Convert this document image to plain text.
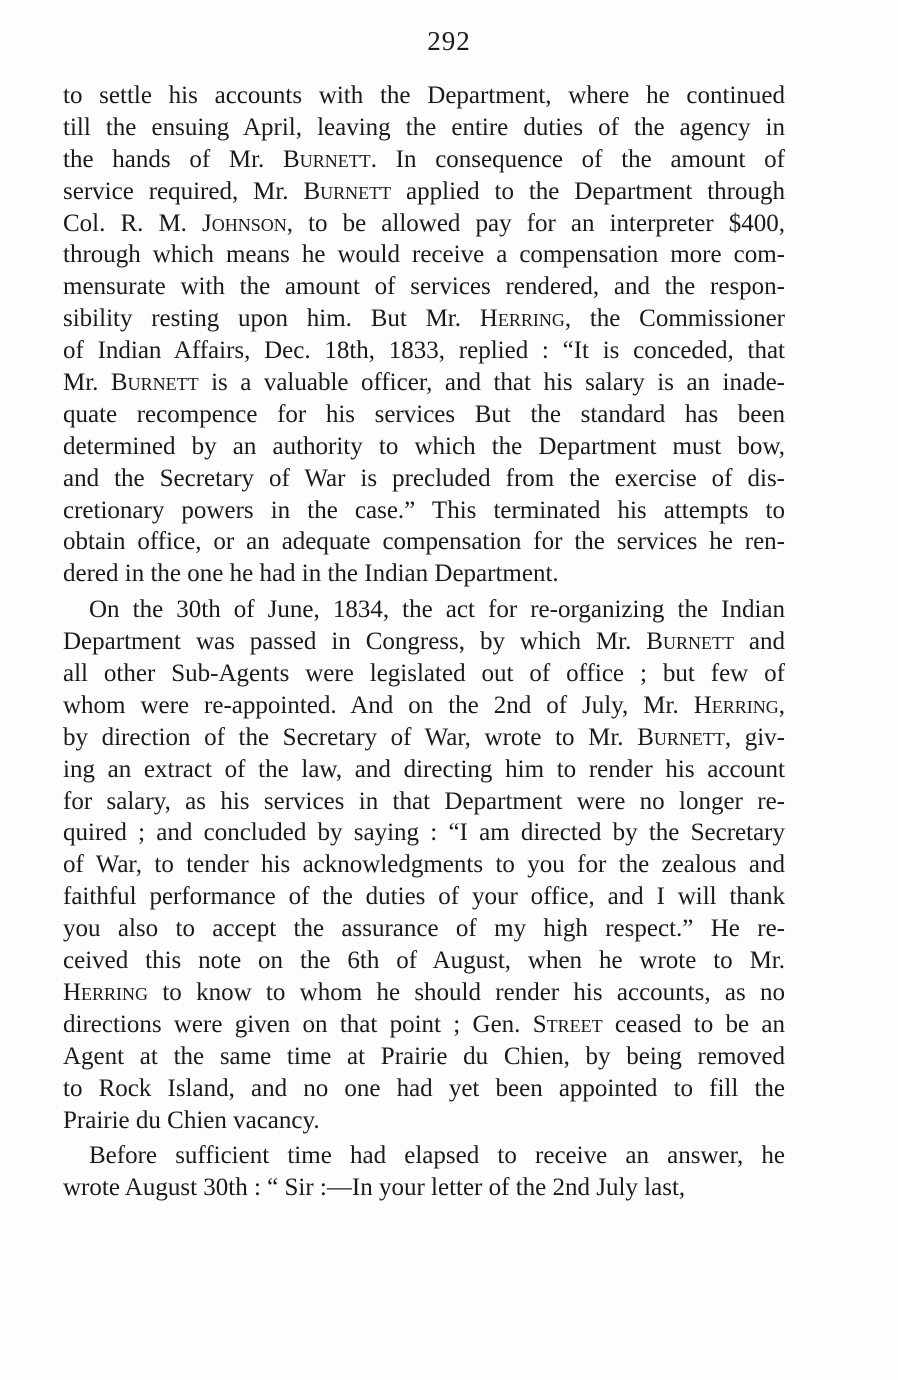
292
to settle his accounts with the Department, where he continued
till the ensuing April, leaving the entire duties of the agency in
the hands of Mr. Burnett. In consequence of the amount of
service required, Mr. Burnett applied to the Department through
Col. R. M. Johnson, to be allowed pay for an interpreter $400,
through which means he would receive a compensation more com-
mensurate with the amount of services rendered, and the respon-
sibility resting upon him. But Mr. Herring, the Commissioner
of Indian Affairs, Dec. 18th, 1833, replied : “It is conceded, that
Mr. Burnett is a valuable officer, and that his salary is an inade-
quate recompence for his services But the standard has been
determined by an authority to which the Department must bow,
and the Secretary of War is precluded from the exercise of dis-
cretionary powers in the case.” This terminated his attempts to
obtain office, or an adequate compensation for the services he ren-
dered in the one he had in the Indian Department.
On the 30th of June, 1834, the act for re-organizing the Indian
Department was passed in Congress, by which Mr. Burnett and
all other Sub-Agents were legislated out of office ; but few of
whom were re-appointed. And on the 2nd of July, Mr. Herring,
by direction of the Secretary of War, wrote to Mr. Burnett, giv-
ing an extract of the law, and directing him to render his account
for salary, as his services in that Department were no longer re-
quired ; and concluded by saying : “I am directed by the Secretary
of War, to tender his acknowledgments to you for the zealous and
faithful performance of the duties of your office, and I will thank
you also to accept the assurance of my high respect.” He re-
ceived this note on the 6th of August, when he wrote to Mr.
Herring to know to whom he should render his accounts, as no
directions were given on that point ; Gen. Street ceased to be an
Agent at the same time at Prairie du Chien, by being removed
to Rock Island, and no one had yet been appointed to fill the
Prairie du Chien vacancy.
Before sufficient time had elapsed to receive an answer, he
wrote August 30th : “ Sir :—In your letter of the 2nd July last,
